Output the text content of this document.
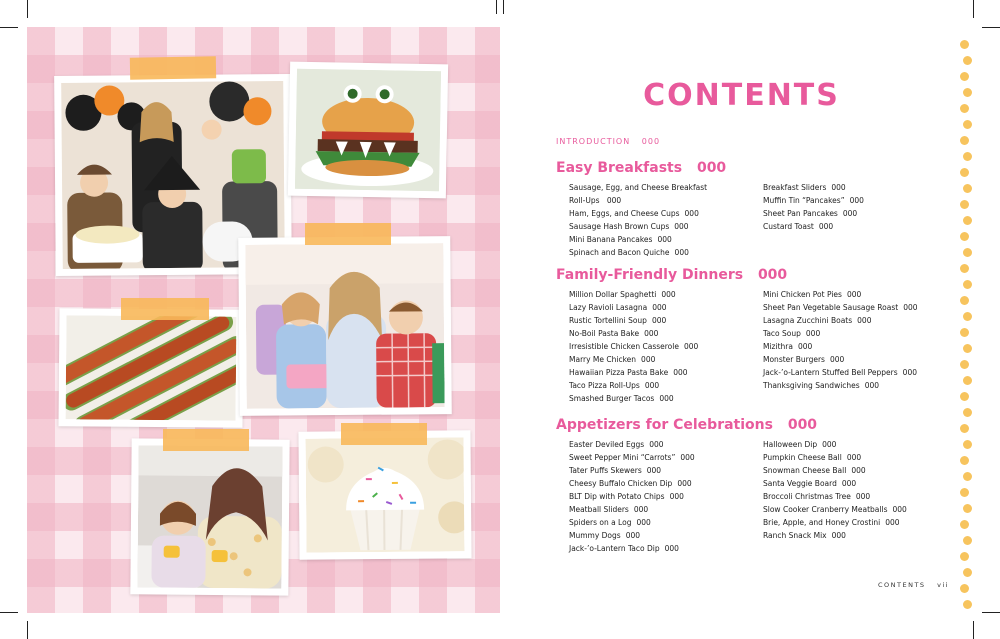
CONTENTS
INTRODUCTION 000
Easy Breakfasts 000
Sausage, Egg, and Cheese Breakfast
Roll-Ups 000
Ham, Eggs, and Cheese Cups 000
Sausage Hash Brown Cups 000
Mini Banana Pancakes 000
Spinach and Bacon Quiche 000
Breakfast Sliders 000
Muffin Tin “Pancakes” 000
Sheet Pan Pancakes 000
Custard Toast 000
Family-Friendly Dinners 000
Million Dollar Spaghetti 000
Lazy Ravioli Lasagna 000
Rustic Tortellini Soup 000
No-Boil Pasta Bake 000
Irresistible Chicken Casserole 000
Marry Me Chicken 000
Hawaiian Pizza Pasta Bake 000
Taco Pizza Roll-Ups 000
Smashed Burger Tacos 000
Mini Chicken Pot Pies 000
Sheet Pan Vegetable Sausage Roast 000
Lasagna Zucchini Boats 000
Taco Soup 000
Mizithra 000
Monster Burgers 000
Jack-’o-Lantern Stuffed Bell Peppers 000
Thanksgiving Sandwiches 000
Appetizers for Celebrations 000
Easter Deviled Eggs 000
Sweet Pepper Mini “Carrots” 000
Tater Puffs Skewers 000
Cheesy Buffalo Chicken Dip 000
BLT Dip with Potato Chips 000
Meatball Sliders 000
Spiders on a Log 000
Mummy Dogs 000
Jack-’o-Lantern Taco Dip 000
Halloween Dip 000
Pumpkin Cheese Ball 000
Snowman Cheese Ball 000
Santa Veggie Board 000
Broccoli Christmas Tree 000
Slow Cooker Cranberry Meatballs 000
Brie, Apple, and Honey Crostini 000
Ranch Snack Mix 000
CONTENTS vii
